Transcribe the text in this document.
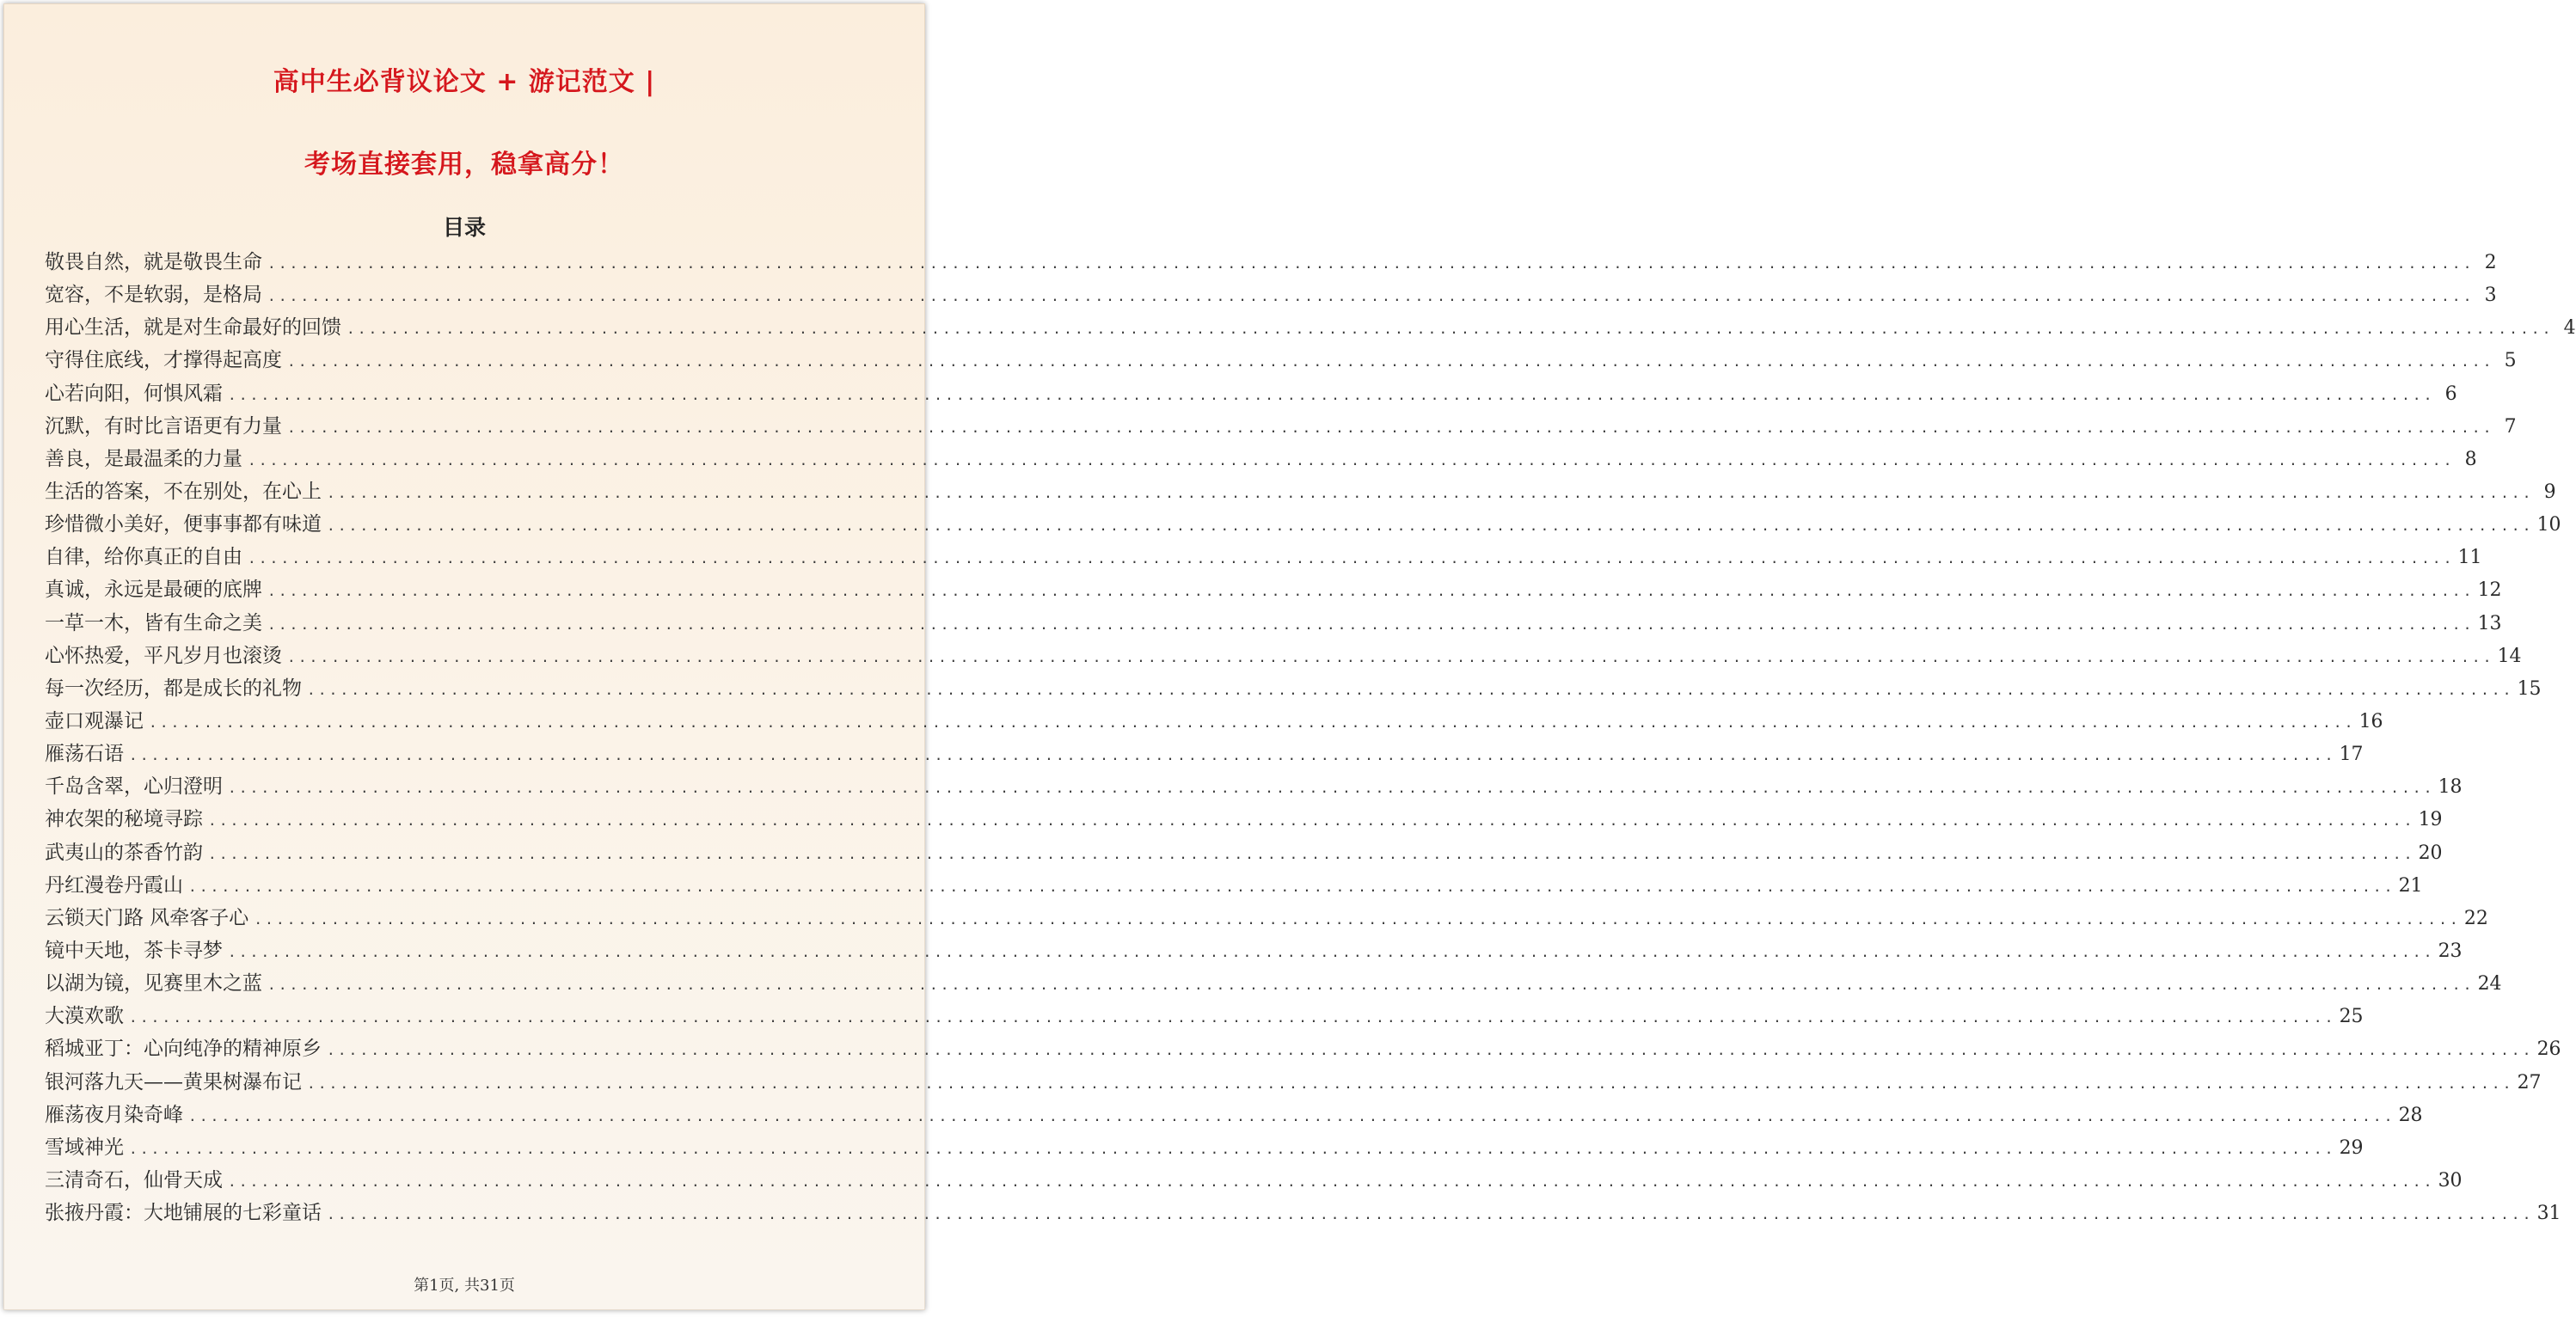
高中生必背议论文 + 游记范文 |
考场直接套用，稳拿高分！
目录
敬畏自然，就是敬畏生命 ........................................................................................................................................................................................................ 2
宽容，不是软弱，是格局 ........................................................................................................................................................................................................ 3
用心生活，就是对生命最好的回馈 ........................................................................................................................................................................................................ 4
守得住底线，才撑得起高度 ........................................................................................................................................................................................................ 5
心若向阳，何惧风霜 ........................................................................................................................................................................................................ 6
沉默，有时比言语更有力量 ........................................................................................................................................................................................................ 7
善良，是最温柔的力量 ........................................................................................................................................................................................................ 8
生活的答案，不在别处，在心上 ........................................................................................................................................................................................................ 9
珍惜微小美好，便事事都有味道 ........................................................................................................................................................................................................ 10
自律，给你真正的自由 ........................................................................................................................................................................................................ 11
真诚，永远是最硬的底牌 ........................................................................................................................................................................................................ 12
一草一木，皆有生命之美 ........................................................................................................................................................................................................ 13
心怀热爱，平凡岁月也滚烫 ........................................................................................................................................................................................................ 14
每一次经历，都是成长的礼物 ........................................................................................................................................................................................................ 15
壶口观瀑记 ........................................................................................................................................................................................................ 16
雁荡石语 ........................................................................................................................................................................................................ 17
千岛含翠，心归澄明 ........................................................................................................................................................................................................ 18
神农架的秘境寻踪 ........................................................................................................................................................................................................ 19
武夷山的茶香竹韵 ........................................................................................................................................................................................................ 20
丹红漫卷丹霞山 ........................................................................................................................................................................................................ 21
云锁天门路 风牵客子心 ........................................................................................................................................................................................................ 22
镜中天地，茶卡寻梦 ........................................................................................................................................................................................................ 23
以湖为镜，见赛里木之蓝 ........................................................................................................................................................................................................ 24
大漠欢歌 ........................................................................................................................................................................................................ 25
稻城亚丁：心向纯净的精神原乡 ........................................................................................................................................................................................................ 26
银河落九天——黄果树瀑布记 ........................................................................................................................................................................................................ 27
雁荡夜月染奇峰 ........................................................................................................................................................................................................ 28
雪域神光 ........................................................................................................................................................................................................ 29
三清奇石，仙骨天成 ........................................................................................................................................................................................................ 30
张掖丹霞：大地铺展的七彩童话 ........................................................................................................................................................................................................ 31
第1页, 共31页
